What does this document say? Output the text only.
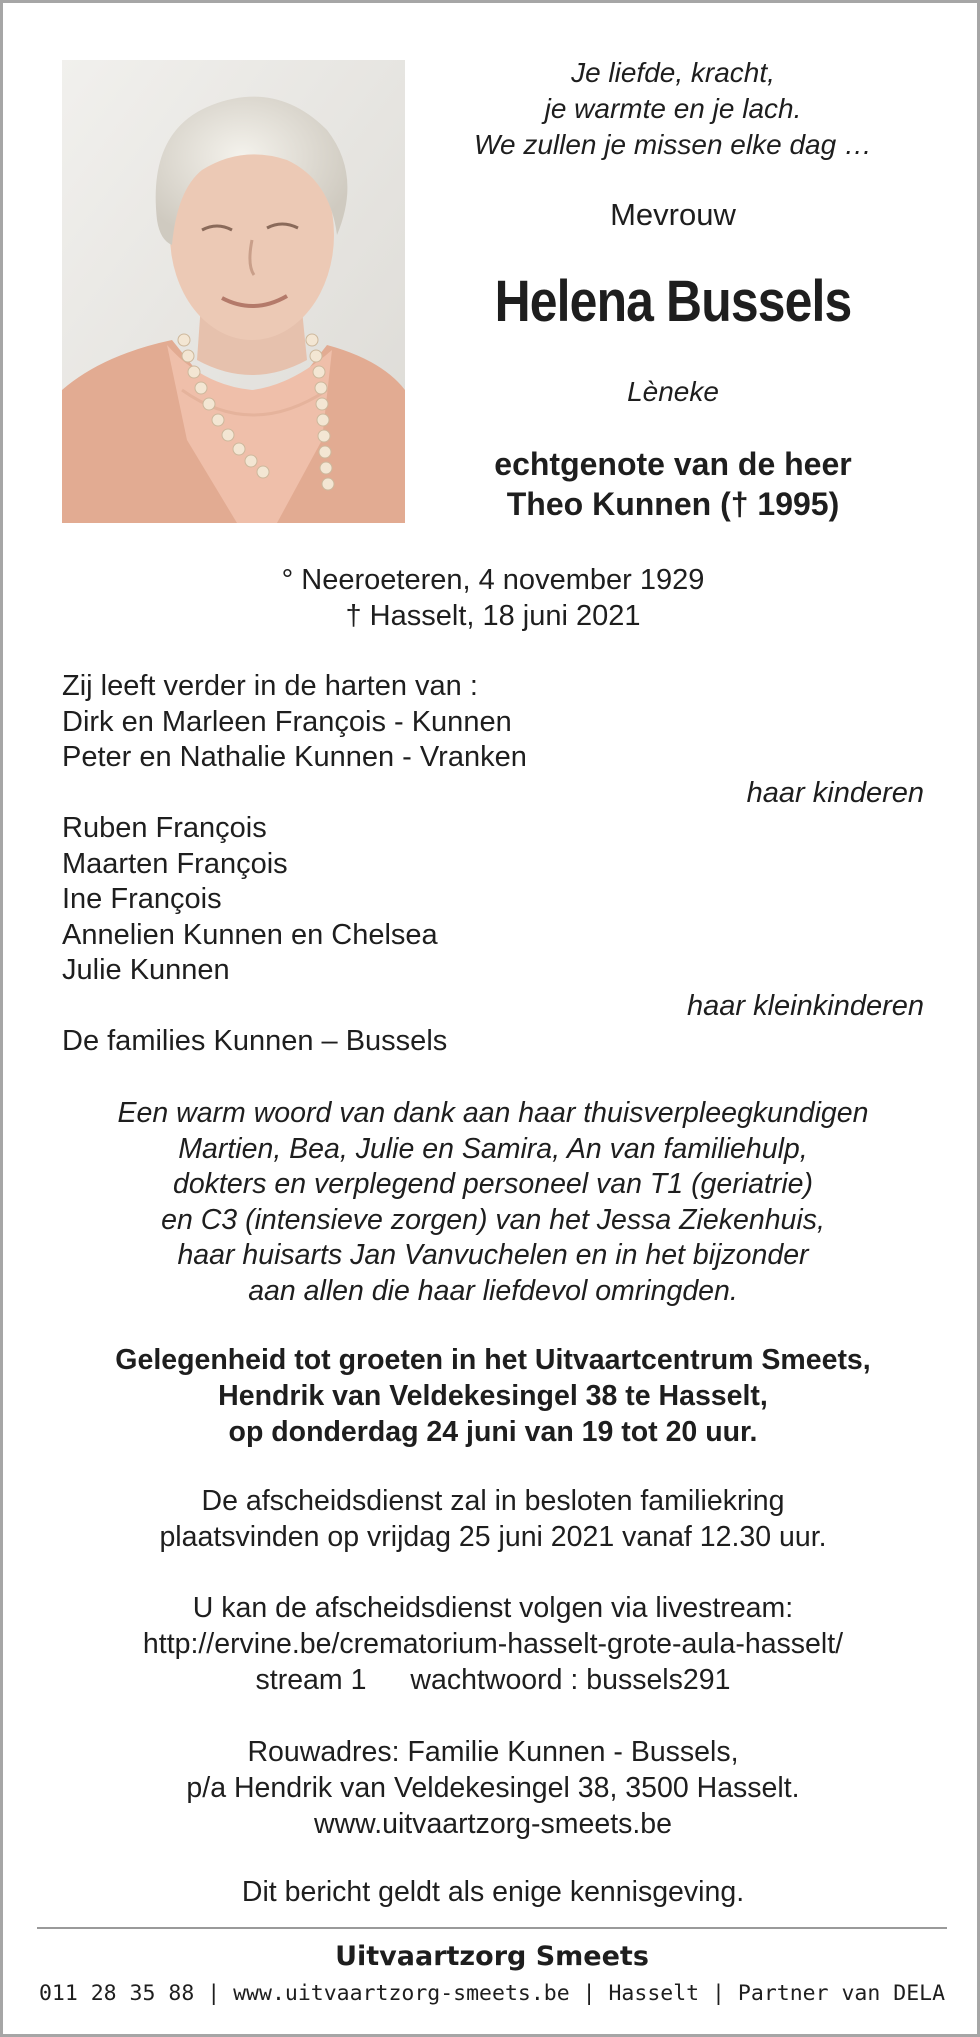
Je liefde, kracht,
je warmte en je lach.
We zullen je missen elke dag …
Mevrouw
Helena Bussels
Lèneke
echtgenote van de heer
Theo Kunnen († 1995)
° Neeroeteren, 4 november 1929
† Hasselt, 18 juni 2021
Zij leeft verder in de harten van :
Dirk en Marleen François - Kunnen
Peter en Nathalie Kunnen - Vranken
haar kinderen
Ruben François
Maarten François
Ine François
Annelien Kunnen en Chelsea
Julie Kunnen
haar kleinkinderen
De families Kunnen – Bussels
Een warm woord van dank aan haar thuisverpleegkundigen
Martien, Bea, Julie en Samira, An van familiehulp,
dokters en verplegend personeel van T1 (geriatrie)
en C3 (intensieve zorgen) van het Jessa Ziekenhuis,
haar huisarts Jan Vanvuchelen en in het bijzonder
aan allen die haar liefdevol omringden.
Gelegenheid tot groeten in het Uitvaartcentrum Smeets,
Hendrik van Veldekesingel 38 te Hasselt,
op donderdag 24 juni van 19 tot 20 uur.
De afscheidsdienst zal in besloten familiekring
plaatsvinden op vrijdag 25 juni 2021 vanaf 12.30 uur.
U kan de afscheidsdienst volgen via livestream:
http://ervine.be/crematorium-hasselt-grote-aula-hasselt/
stream 1 wachtwoord : bussels291
Rouwadres: Familie Kunnen - Bussels,
p/a Hendrik van Veldekesingel 38, 3500 Hasselt.
www.uitvaartzorg-smeets.be
Dit bericht geldt als enige kennisgeving.
Uitvaartzorg Smeets
011 28 35 88 | www.uitvaartzorg-smeets.be | Hasselt | Partner van DELA
